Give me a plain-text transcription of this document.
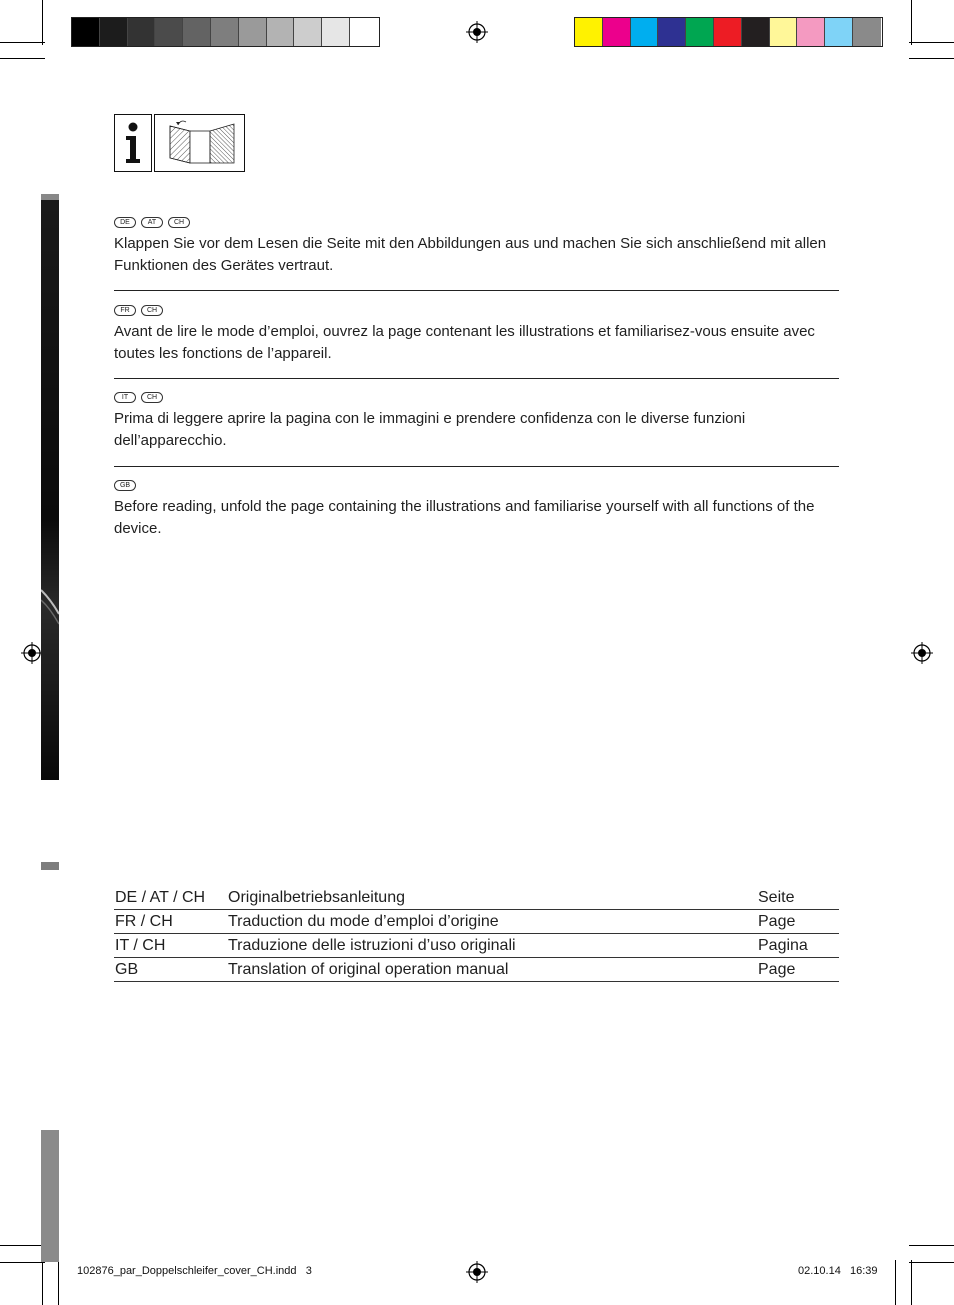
DE	AT	CH

Klappen Sie vor dem Lesen die Seite mit den Abbildungen aus und machen Sie sich anschließend mit allen Funktionen des Gerätes vertraut.

FR	CH

Avant de lire le mode d’emploi, ouvrez la page contenant les illustrations et familiarisez-vous ensuite avec toutes les fonctions de l’appareil.

IT	CH

Prima di leggere aprire la pagina con le immagini e prendere confidenza con le diverse funzioni dell’apparecchio.

GB

Before reading, unfold the page containing the illustrations and familiarise yourself with all functions of the device.

DE / AT / CH	Originalbetriebsanleitung	Seite
FR / CH	Traduction du mode d’emploi d’origine	Page
IT / CH	Traduzione delle istruzioni d’uso originali	Pagina
GB	Translation of original operation manual	Page
102876_par_Doppelschleifer_cover_CH.indd   3	02.10.14   16:39
